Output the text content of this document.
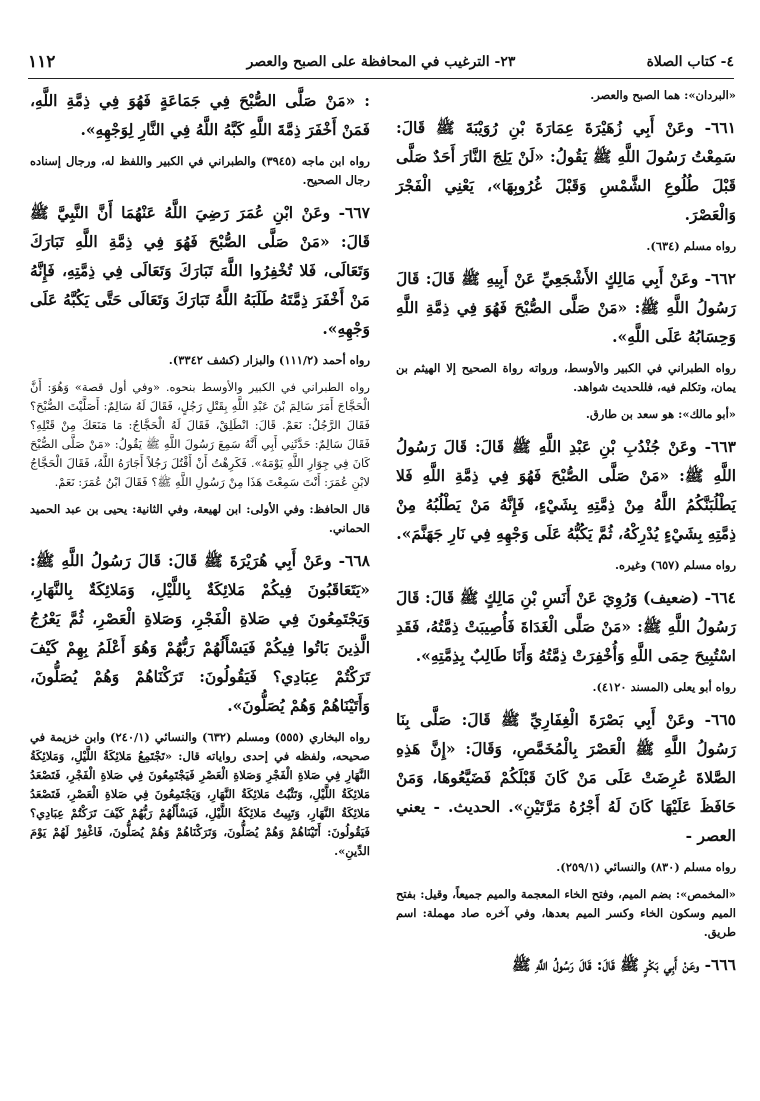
٤- كتاب الصلاة
٢٣- الترغيب في المحافظة على الصبح والعصر
١١٢

«البردان»: هما الصبح والعصر.

٦٦١- وعَنْ أَبِي زُهَيْرَةَ عِمَارَةَ بْنِ رُوَيْبَةَ ﷺ قَالَ: سَمِعْتُ رَسُولَ اللَّهِ ﷺ يَقُولُ: «لَنْ يَلِجَ النَّارَ أَحَدٌ صَلَّى قَبْلَ طُلُوعِ الشَّمْسِ وَقَبْلَ غُرُوبِهَا»، يَعْنِي الْفَجْرَ وَالْعَصْرَ.

رواه مسلم (٦٣٤).

٦٦٢- وعَنْ أَبِي مَالِكٍ الأَشْجَعِيِّ عَنْ أَبِيهِ ﷺ قَالَ: قَالَ رَسُولُ اللَّهِ ﷺ: «مَنْ صَلَّى الصُّبْحَ فَهُوَ فِي ذِمَّةِ اللَّهِ وَحِسَابُهُ عَلَى اللَّهِ».

رواه الطبراني في الكبير والأوسط، ورواته رواة الصحيح إلا الهيثم بن يمان، وتكلم فيه، فللحديث شواهد.

«أبو مالك»: هو سعد بن طارق.

٦٦٣- وعَنْ جُنْدُبِ بْنِ عَبْدِ اللَّهِ ﷺ قَالَ: قَالَ رَسُولُ اللَّهِ ﷺ: «مَنْ صَلَّى الصُّبْحَ فَهُوَ فِي ذِمَّةِ اللَّهِ فَلا يَطْلُبَنَّكُمُ اللَّهُ مِنْ ذِمَّتِهِ بِشَيْءٍ، فَإِنَّهُ مَنْ يَطْلُبُهُ مِنْ ذِمَّتِهِ بِشَيْءٍ يُدْرِكْهُ، ثُمَّ يَكُبُّهُ عَلَى وَجْهِهِ فِي نَارِ جَهَنَّمَ».

رواه مسلم (٦٥٧) وغيره.

٦٦٤- (ضعيف) وَرُوِيَ عَنْ أَنَسِ بْنِ مَالِكٍ ﷺ قَالَ: قَالَ رَسُولُ اللَّهِ ﷺ: «مَنْ صَلَّى الْغَدَاةَ فَأُصِيبَتْ ذِمَّتُهُ، فَقَدِ اسْتُبِيحَ حِمَى اللَّهِ وَأُخْفِرَتْ ذِمَّتُهُ وَأَنَا طَالِبٌ بِذِمَّتِهِ».

رواه أبو يعلى (المسند ٤١٢٠).

٦٦٥- وعَنْ أَبِي بَصْرَةَ الْغِفَارِيِّ ﷺ قَالَ: صَلَّى بِنَا رَسُولُ اللَّهِ ﷺ الْعَصْرَ بِالْمُخَمَّصِ، وَقَالَ: «إِنَّ هَذِهِ الصَّلاةَ عُرِضَتْ عَلَى مَنْ كَانَ قَبْلَكُمْ فَضَيَّعُوهَا، وَمَنْ حَافَظَ عَلَيْهَا كَانَ لَهُ أَجْرُهُ مَرَّتَيْنِ». الحديث. - يعني العصر -

رواه مسلم (٨٣٠) والنسائي (٢٥٩/١).

«المخمص»: بضم الميم، وفتح الخاء المعجمة والميم جميعاً، وقيل: بفتح الميم وسكون الخاء وكسر الميم بعدها، وفي آخره صاد مهملة: اسم طريق.

٦٦٦- وعَنْ أَبِي بَكْرٍ ﷺ قَالَ: قَالَ رَسُولُ اللَّهِ ﷺ

: «مَنْ صَلَّى الصُّبْحَ فِي جَمَاعَةٍ فَهُوَ فِي ذِمَّةِ اللَّهِ، فَمَنْ أَخْفَرَ ذِمَّةَ اللَّهِ كَبَّهُ اللَّهُ فِي النَّارِ لِوَجْهِهِ».

رواه ابن ماجه (٣٩٤٥) والطبراني في الكبير واللفظ له، ورجال إسناده رجال الصحيح.

٦٦٧- وعَنْ ابْنِ عُمَرَ رَضِيَ اللَّهُ عَنْهُمَا أَنَّ النَّبِيَّ ﷺ قَالَ: «مَنْ صَلَّى الصُّبْحَ فَهُوَ فِي ذِمَّةِ اللَّهِ تَبَارَكَ وَتَعَالَى، فَلا تُخْفِرُوا اللَّهَ تَبَارَكَ وَتَعَالَى فِي ذِمَّتِهِ، فَإِنَّهُ مَنْ أَخْفَرَ ذِمَّتَهُ طَلَبَهُ اللَّهُ تَبَارَكَ وَتَعَالَى حَتَّى يَكُبَّهُ عَلَى وَجْهِهِ».

رواه أحمد (١١١/٢) والبزار (كشف ٣٣٤٢).

رواه الطبراني في الكبير والأوسط بنحوه. «وفي أول قصة» وَهُوَ: أَنَّ الْحَجَّاجَ أَمَرَ سَالِمَ بْنَ عَبْدِ اللَّهِ بِقَتْلِ رَجُلٍ، فَقَالَ لَهُ سَالِمٌ: أَصَلَّيْتَ الصُّبْحَ؟ فَقَالَ الرَّجُلُ: نَعَمْ. قَالَ: انْطَلِقْ، فَقَالَ لَهُ الْحَجَّاجُ: مَا مَنَعَكَ مِنْ قَتْلِهِ؟ فَقَالَ سَالِمٌ: حَدَّثَنِي أَبِي أَنَّهُ سَمِعَ رَسُولَ اللَّهِ ﷺ يَقُولُ: «مَنْ صَلَّى الصُّبْحَ كَانَ فِي جِوَارِ اللَّهِ يَوْمَهُ». فَكَرِهْتُ أَنْ أَقْتُلَ رَجُلاً أَجَارَهُ اللَّهُ، فَقَالَ الْحَجَّاجُ لابْنِ عُمَرَ: أَنْتَ سَمِعْتَ هَذَا مِنْ رَسُولِ اللَّهِ ﷺ؟ فَقَالَ ابْنُ عُمَرَ: نَعَمْ.

قال الحافظ: وفي الأولى: ابن لهيعة، وفي الثانية: يحيى بن عبد الحميد الحماني.

٦٦٨- وعَنْ أَبِي هُرَيْرَةَ ﷺ قَالَ: قَالَ رَسُولُ اللَّهِ ﷺ: «يَتَعَاقَبُونَ فِيكُمْ مَلائِكَةٌ بِاللَّيْلِ، وَمَلائِكَةٌ بِالنَّهَارِ، وَيَجْتَمِعُونَ فِي صَلاةِ الْفَجْرِ، وَصَلاةِ الْعَصْرِ، ثُمَّ يَعْرُجُ الَّذِينَ بَاتُوا فِيكُمْ فَيَسْأَلُهُمْ رَبُّهُمْ وَهُوَ أَعْلَمُ بِهِمْ كَيْفَ تَرَكْتُمْ عِبَادِي؟ فَيَقُولُونَ: تَرَكْنَاهُمْ وَهُمْ يُصَلُّونَ، وَأَتَيْنَاهُمْ وَهُمْ يُصَلُّونَ».

رواه البخاري (٥٥٥) ومسلم (٦٣٢) والنسائي (٢٤٠/١) وابن خزيمة في صحيحه، ولفظه في إحدى رواياته قال: «تَجْتَمِعُ مَلائِكَةُ اللَّيْلِ، وَمَلائِكَةُ النَّهَارِ فِي صَلاةِ الْفَجْرِ وَصَلاةِ الْعَصْرِ فَيَجْتَمِعُونَ فِي صَلاةِ الْفَجْرِ، فَتَصْعَدُ مَلائِكَةُ اللَّيْلِ، وَتَثْبُتُ مَلائِكَةُ النَّهَارِ، وَيَجْتَمِعُونَ فِي صَلاةِ الْعَصْرِ، فَتَصْعَدُ مَلائِكَةُ النَّهَارِ، وَتَبِيتُ مَلائِكَةُ اللَّيْلِ، فَيَسْأَلُهُمْ رَبُّهُمْ كَيْفَ تَرَكْتُمْ عِبَادِي؟ فَيَقُولُونَ: أَتَيْنَاهُمْ وَهُمْ يُصَلُّونَ، وَتَرَكْنَاهُمْ وَهُمْ يُصَلُّونَ، فَاغْفِرْ لَهُمْ يَوْمَ الدِّينِ».
